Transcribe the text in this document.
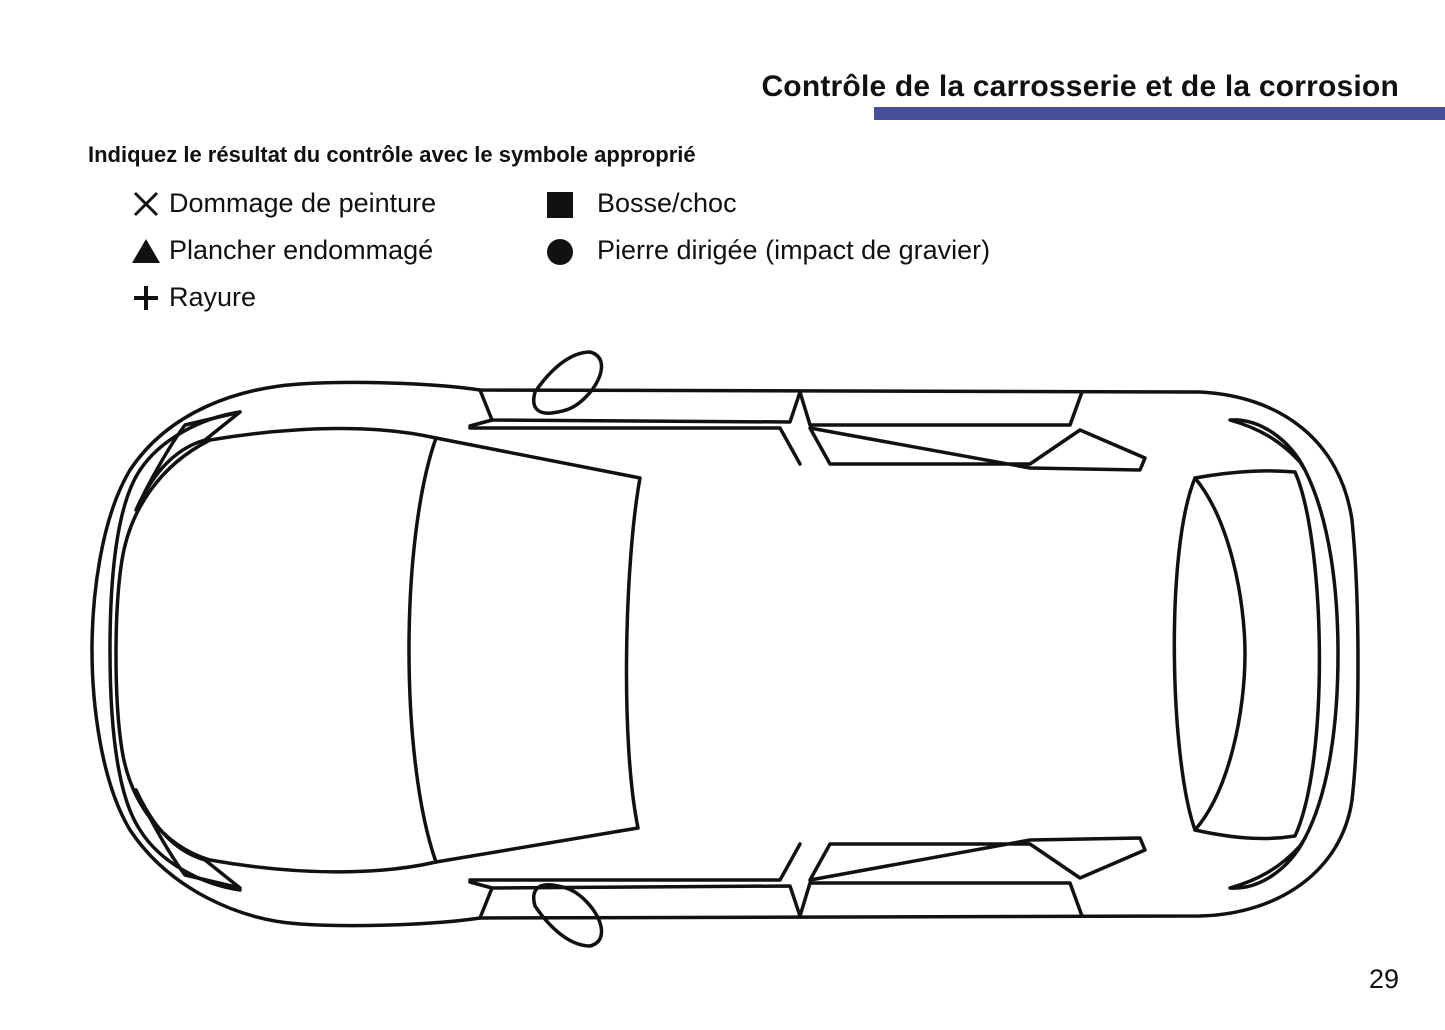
Contrôle de la carrosserie et de la corrosion
Indiquez le résultat du contrôle avec le symbole approprié
Dommage de peinture
Plancher endommagé
Rayure
Bosse/choc
Pierre dirigée (impact de gravier)
29
